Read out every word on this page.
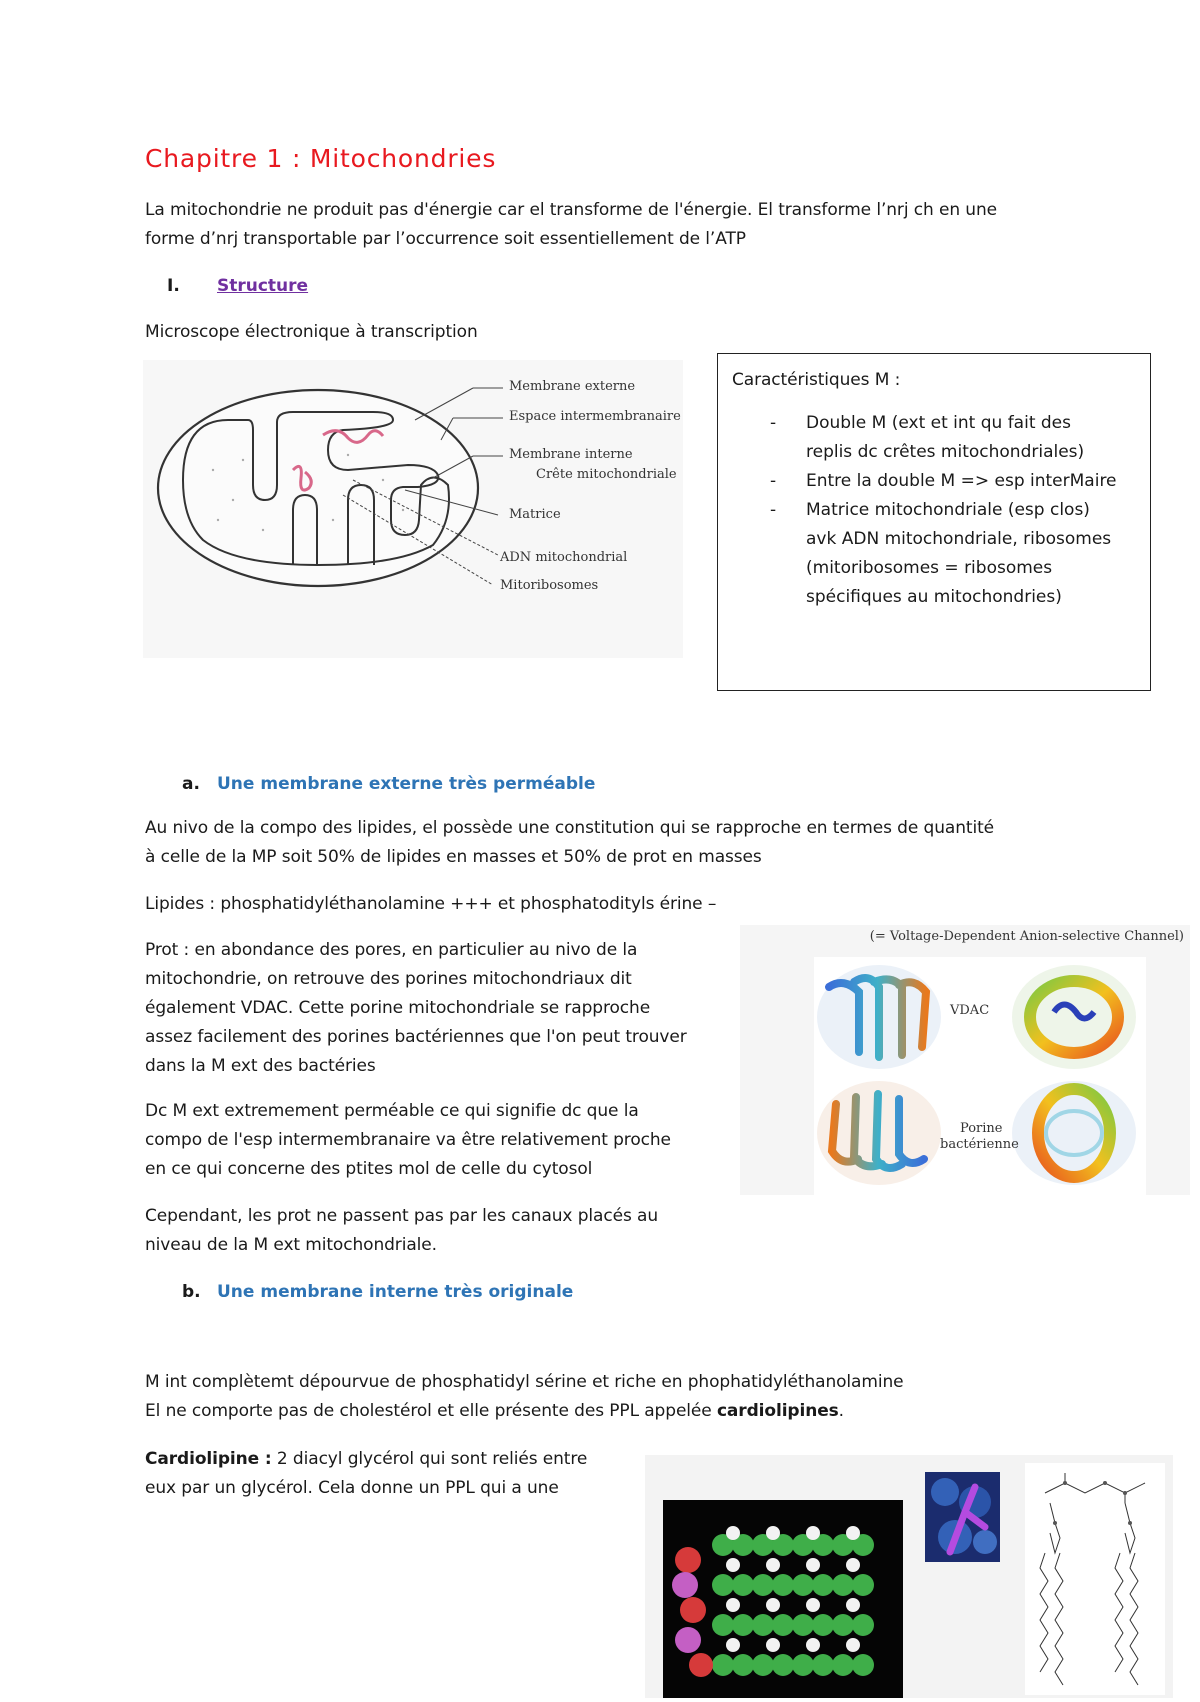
Chapitre 1 : Mitochondries
La mitochondrie ne produit pas d'énergie car el transforme de l'énergie. El transforme l’nrj ch en une
forme d’nrj transportable par l’occurrence soit essentiellement de l’ATP
I. Structure
Microscope électronique à transcription
Membrane externe
Espace intermembranaire
Membrane interne
Crête mitochondriale
Matrice
ADN mitochondrial
Mitoribosomes
Caractéristiques M :
- Double M (ext et int qu fait des
replis dc crêtes mitochondriales)
- Entre la double M => esp interMaire
- Matrice mitochondriale (esp clos)
avk ADN mitochondriale, ribosomes
(mitoribosomes = ribosomes
spécifiques au mitochondries)
a. Une membrane externe très perméable
Au nivo de la compo des lipides, el possède une constitution qui se rapproche en termes de quantité
à celle de la MP soit 50% de lipides en masses et 50% de prot en masses
Lipides : phosphatidyléthanolamine +++ et phosphatodityls érine –
Prot : en abondance des pores, en particulier au nivo de la
mitochondrie, on retrouve des porines mitochondriaux dit
également VDAC. Cette porine mitochondriale se rapproche
assez facilement des porines bactériennes que l'on peut trouver
dans la M ext des bactéries
Dc M ext extremement perméable ce qui signifie dc que la
compo de l'esp intermembranaire va être relativement proche
en ce qui concerne des ptites mol de celle du cytosol
Cependant, les prot ne passent pas par les canaux placés au
niveau de la M ext mitochondriale.
(= Voltage-Dependent Anion-selective Channel)
VDAC
Porine
bactérienne
b. Une membrane interne très originale
M int complètemt dépourvue de phosphatidyl sérine et riche en phophatidyléthanolamine
El ne comporte pas de cholestérol et elle présente des PPL appelée cardiolipines.
Cardiolipine : 2 diacyl glycérol qui sont reliés entre
eux par un glycérol. Cela donne un PPL qui a une
